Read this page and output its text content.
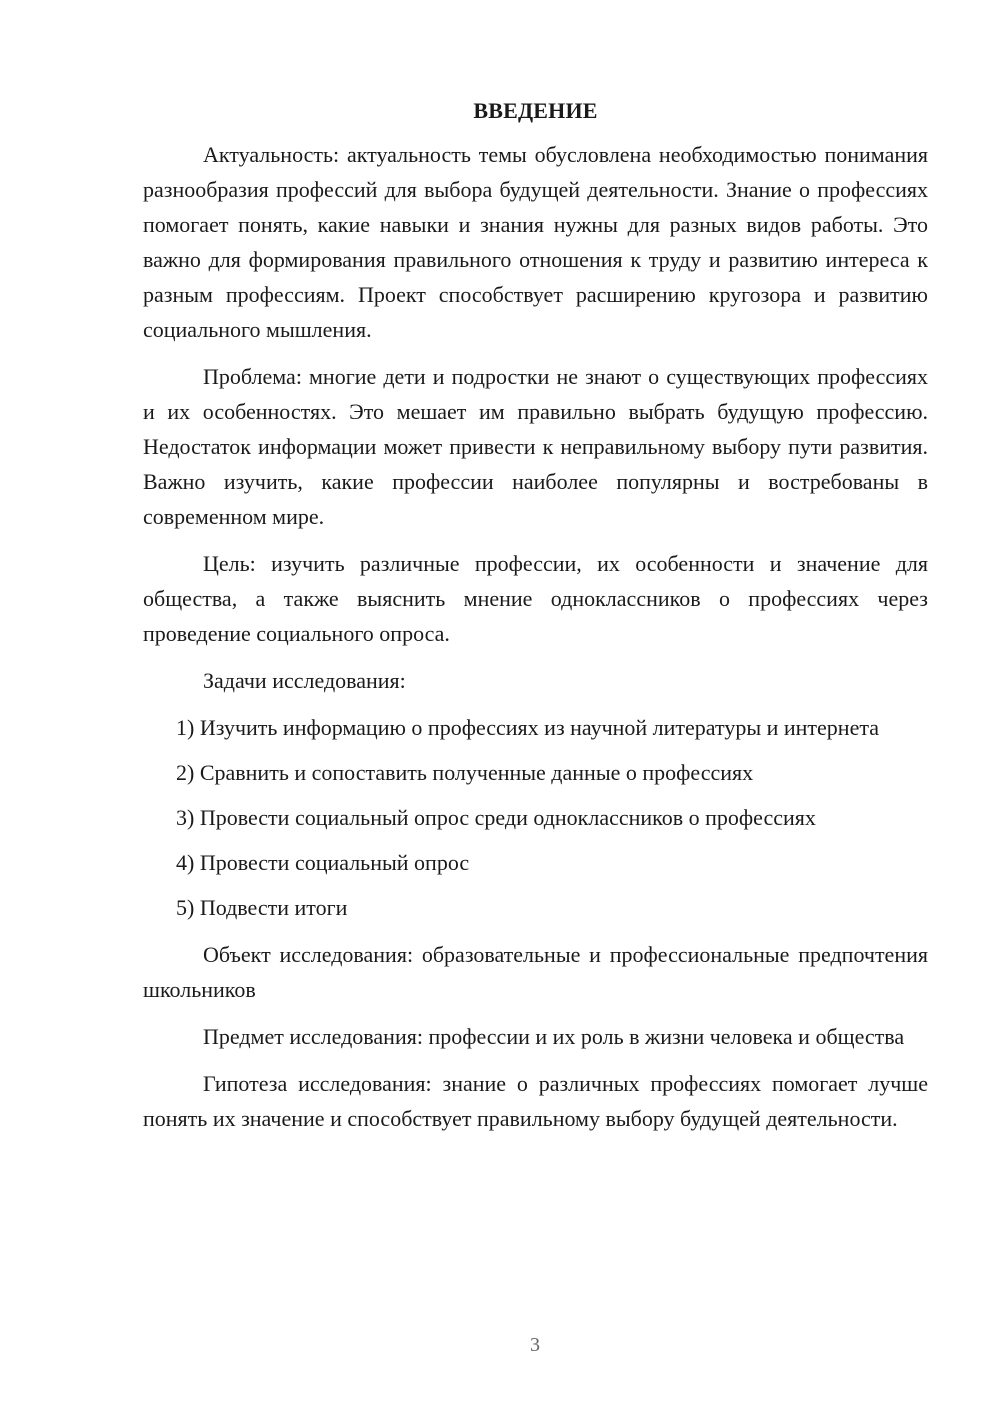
ВВЕДЕНИЕ

Актуальность: актуальность темы обусловлена необходимостью понимания разнообразия профессий для выбора будущей деятельности. Знание о профессиях помогает понять, какие навыки и знания нужны для разных видов работы. Это важно для формирования правильного отношения к труду и развитию интереса к разным профессиям. Проект способствует расширению кругозора и развитию социального мышления.

Проблема: многие дети и подростки не знают о существующих профессиях и их особенностях. Это мешает им правильно выбрать будущую профессию. Недостаток информации может привести к неправильному выбору пути развития. Важно изучить, какие профессии наиболее популярны и востребованы в современном мире.

Цель: изучить различные профессии, их особенности и значение для общества, а также выяснить мнение одноклассников о профессиях через проведение социального опроса.

Задачи исследования:

1) Изучить информацию о профессиях из научной литературы и интернета

2) Сравнить и сопоставить полученные данные о профессиях

3) Провести социальный опрос среди одноклассников о профессиях

4) Провести социальный опрос

5) Подвести итоги

Объект исследования: образовательные и профессиональные предпочтения школьников

Предмет исследования: профессии и их роль в жизни человека и общества

Гипотеза исследования: знание о различных профессиях помогает лучше понять их значение и способствует правильному выбору будущей деятельности.

3
